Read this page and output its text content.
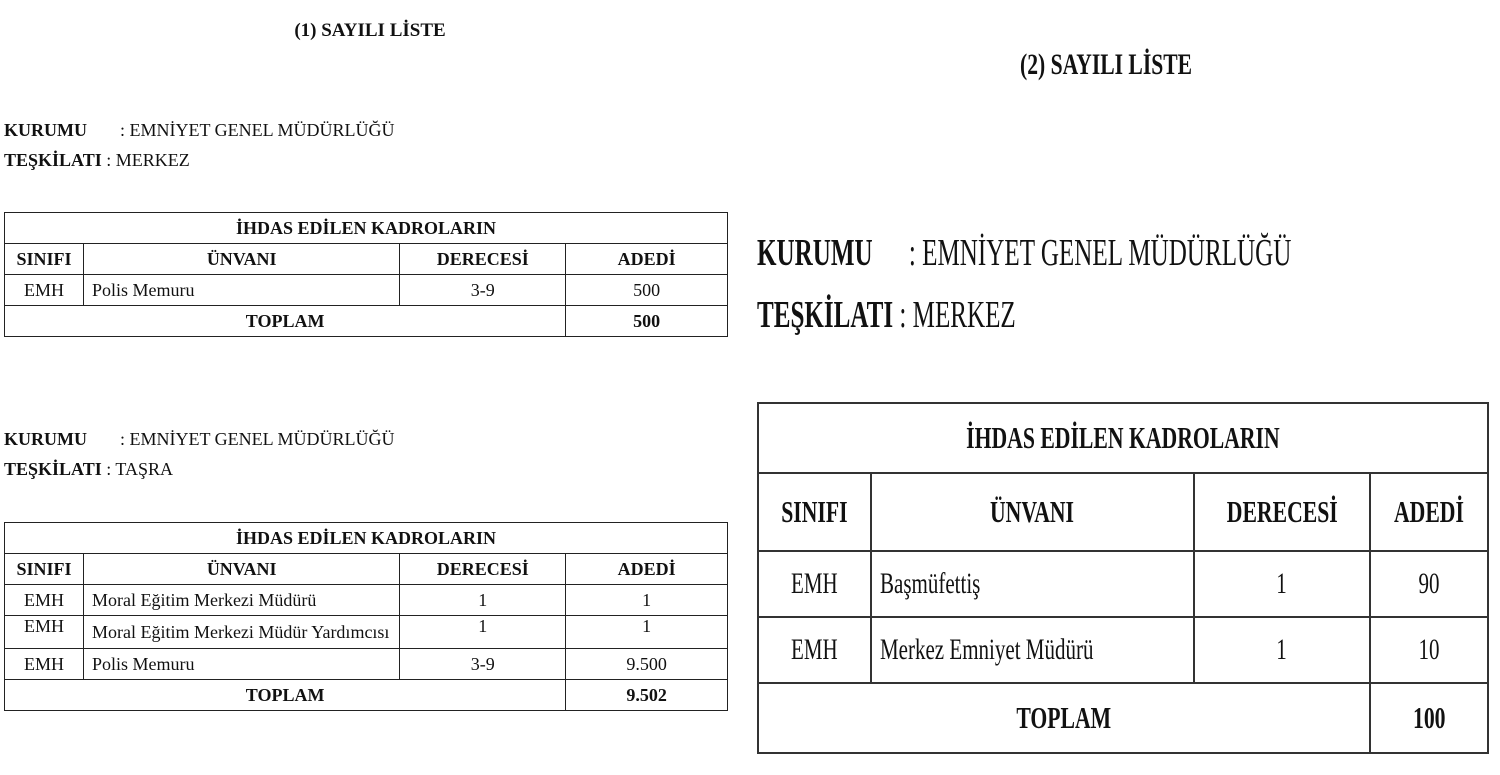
(1) SAYILI LİSTE
KURUMU : EMNİYET GENEL MÜDÜRLÜĞÜ
TEŞKİLATI : MERKEZ
İHDAS EDİLEN KADROLARIN			
SINIFI	ÜNVANI	DERECESİ	ADEDİ
EMH	Polis Memuru	3-9	500
TOPLAM			500
KURUMU : EMNİYET GENEL MÜDÜRLÜĞÜ
TEŞKİLATI : TAŞRA
İHDAS EDİLEN KADROLARIN			
SINIFI	ÜNVANI	DERECESİ	ADEDİ
EMH	Moral Eğitim Merkezi Müdürü	1	1
EMH	Moral Eğitim Merkezi Müdür Yardımcısı	1	1
EMH	Polis Memuru	3-9	9.500
TOPLAM			9.502
(2) SAYILI LİSTE
KURUMU : EMNİYET GENEL MÜDÜRLÜĞÜ
TEŞKİLATI : MERKEZ
İHDAS EDİLEN KADROLARIN			
SINIFI	ÜNVANI	DERECESİ	ADEDİ
EMH	Başmüfettiş	1	90
EMH	Merkez Emniyet Müdürü	1	10
TOPLAM			100
